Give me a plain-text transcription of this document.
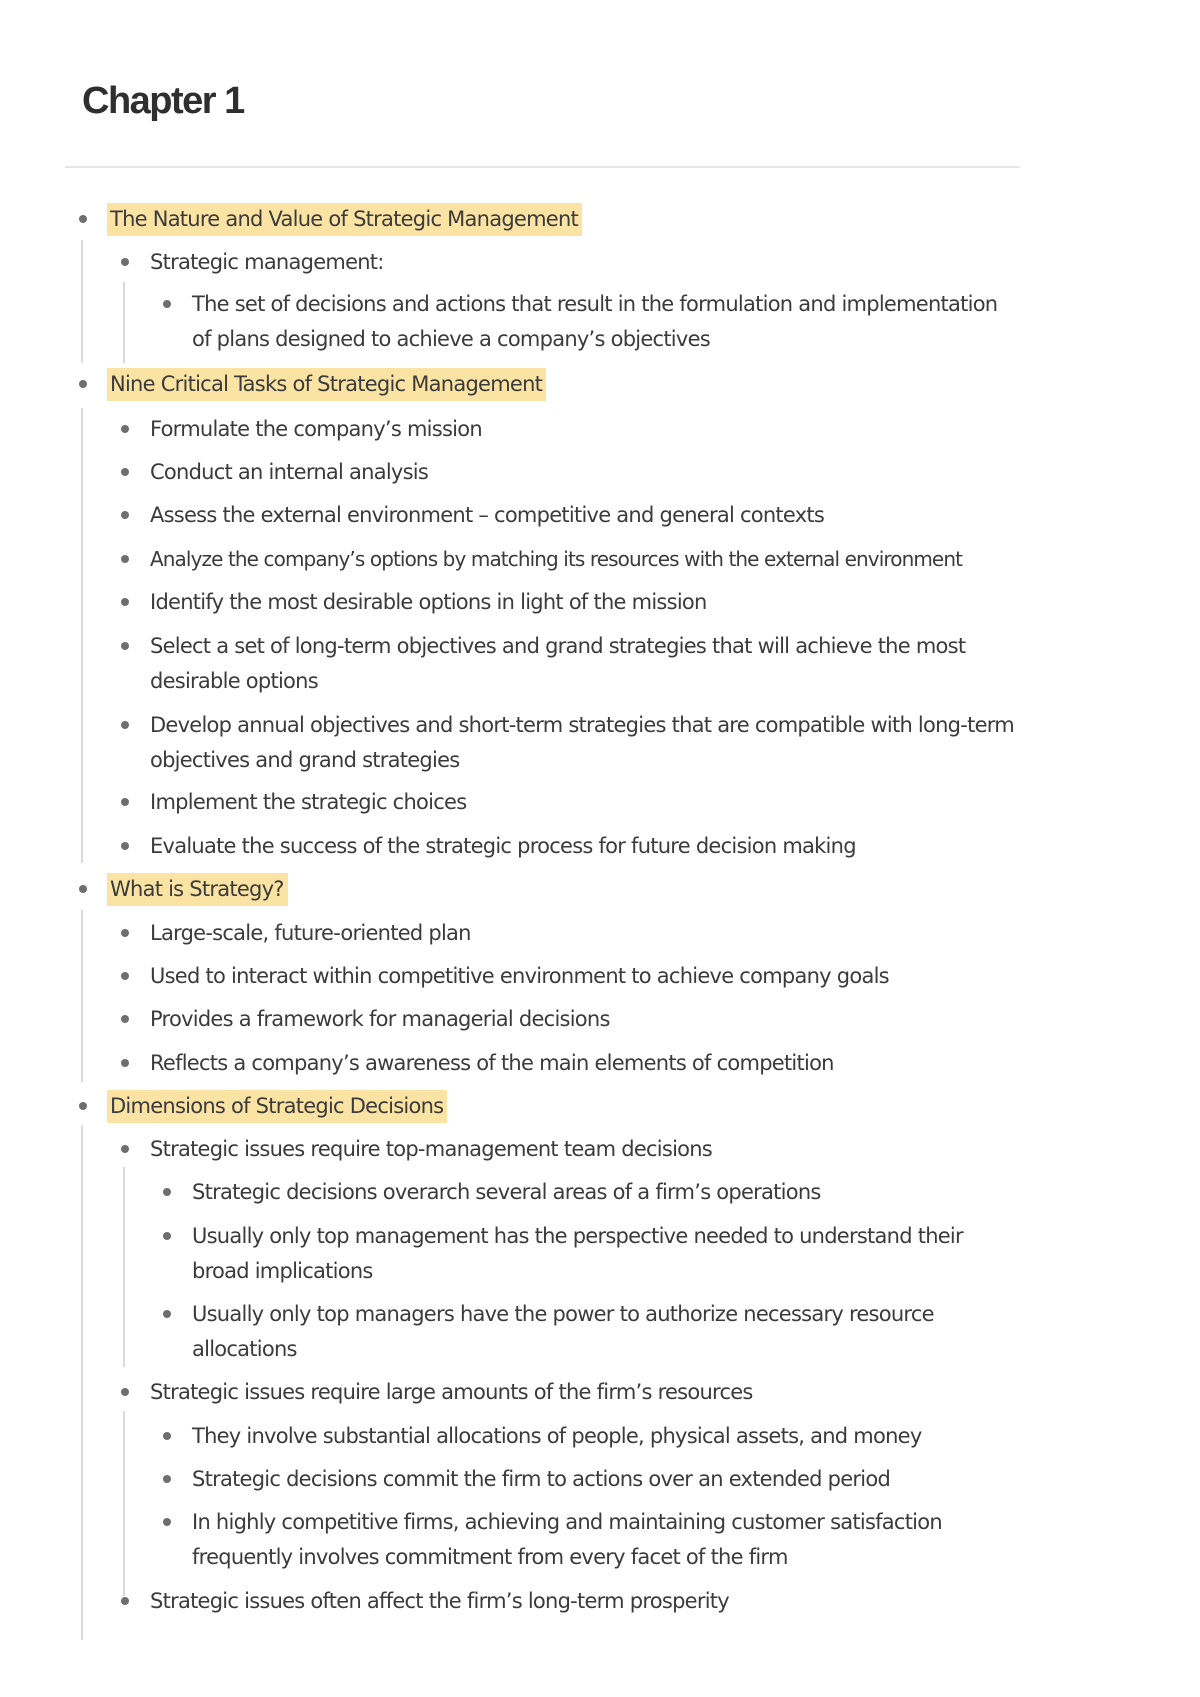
Chapter 1
The Nature and Value of Strategic Management
Strategic management:
The set of decisions and actions that result in the formulation and implementation of plans designed to achieve a company’s objectives
Nine Critical Tasks of Strategic Management
Formulate the company’s mission
Conduct an internal analysis
Assess the external environment – competitive and general contexts
Analyze the company’s options by matching its resources with the external environment
Identify the most desirable options in light of the mission
Select a set of long-term objectives and grand strategies that will achieve the most desirable options
Develop annual objectives and short-term strategies that are compatible with long-term objectives and grand strategies
Implement the strategic choices
Evaluate the success of the strategic process for future decision making
What is Strategy?
Large-scale, future-oriented plan
Used to interact within competitive environment to achieve company goals
Provides a framework for managerial decisions
Reflects a company’s awareness of the main elements of competition
Dimensions of Strategic Decisions
Strategic issues require top-management team decisions
Strategic decisions overarch several areas of a firm’s operations
Usually only top management has the perspective needed to understand their broad implications
Usually only top managers have the power to authorize necessary resource allocations
Strategic issues require large amounts of the firm’s resources
They involve substantial allocations of people, physical assets, and money
Strategic decisions commit the firm to actions over an extended period
In highly competitive firms, achieving and maintaining customer satisfaction frequently involves commitment from every facet of the firm
Strategic issues often affect the firm’s long-term prosperity
